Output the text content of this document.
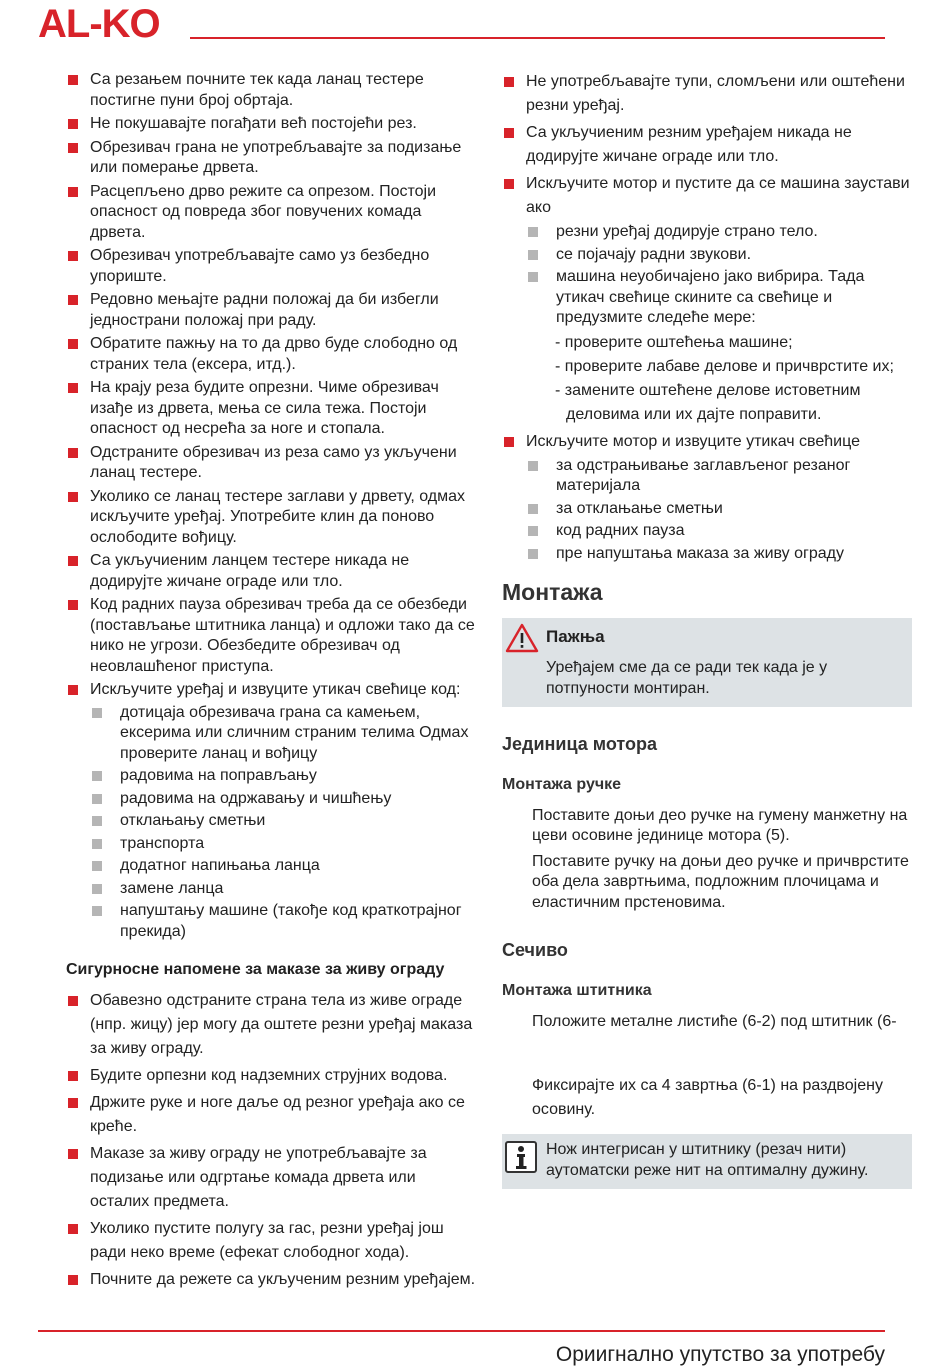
AL-KO
Са резањем почните тек када ланац тестере постигне пуни број обртаја.
Не покушавајте погађати већ постојећи рез.
Обрезивач грана не употребљавајте за подизање или померање дрвета.
Расцепљено дрво режите са опрезом. Постоји опасност од повреда због повучених комада дрвета.
Обрезивач употребљавајте само уз безбедно упориште.
Редовно мењајте радни положај да би избегли једнострани положај при раду.
Обратите пажњу на то да дрво буде слободно од страних тела (ексера, итд.).
На крају реза будите опрезни. Чиме обрезивач изађе из дрвета, мења се сила тежа. Постоји опасност од несрећа за ноге и стопала.
Одстраните обрезивач из реза само уз укључени ланац тестере.
Уколико се ланац тестере заглави у дрвету, одмах искључите уређај. Употребите клин да поново ослободите вођицу.
Са укључиеним ланцем тестере никада не додирујте жичане ограде или тло.
Код радних пауза обрезивач треба да се обезбеди (постављање штитника ланца) и одложи тако да се нико не угрози. Обезбедите обрезивач од неовлашћеног приступа.
Искључите уређај и извуците утикач свећице код:
дотицаја обрезивача грана са камењем, ексерима или сличним страним телима Одмах проверите ланац и вођицу
радовима на поправљању
радовима на одржавању и чишћењу
отклањању сметњи
транспорта
додатног напињања ланца
замене ланца
напуштању машине (такође код краткотрајног прекида)
Сигурносне напомене за маказе за живу ограду
Обавезно одстраните страна тела из живе ограде (нпр. жицу) јер могу да оштете резни уређај маказа за живу ограду.
Будите орпезни код надземних струјних водова.
Држите руке и ноге даље од резног уређаја ако се креће.
Маказе за живу ограду не употребљавајте за подизање или одгртање комада дрвета или осталих предмета.
Уколико пустите полугу за гас, резни уређај још ради неко време (ефекат слободног хода).
Почните да режете са укљученим резним уређајем.
Не употребљавајте тупи, сломљени или оштећени резни уређај.
Са укључиеним резним уређајем никада не додирујте жичане ограде или тло.
Искључите мотор и пустите да се машина заустави ако
резни уређај додирује страно тело.
се појачају радни звукови.
машина неуобичајено јако вибрира. Тада утикач свећице скините са свећице и предузмите следеће мере:
- проверите оштећења машине;
- проверите лабаве делове и причврстите их;
- замените оштећене делове истоветним деловима или их дајте поправити.
Искључите мотор и извуците утикач свећице
за одстрањивање заглављеног резаног материјала
за отклањање сметњи
код радних пауза
пре напуштања маказа за живу ограду
Монтажа
Пажња
Уређајем сме да се ради тек када је у потпуности монтиран.
Јединица мотора
Монтажа ручке

Поставите доњи део ручке на гумену манжетну на цеви осовине јединице мотора (5).

Поставите ручку на доњи део ручке и причврстите оба дела завртњима, подложним плочицама и еластичним прстеновима.

Сечиво
Монтажа штитника

Положите металне листиће (6-2) под штитник (6-

Фиксирајте их са 4 завртња (6-1) на раздвојену осовину.

Нож интегрисан у штитнику (резач нити) аутоматски реже нит на оптималну дужину.
Ориигнално упутство за употребу
